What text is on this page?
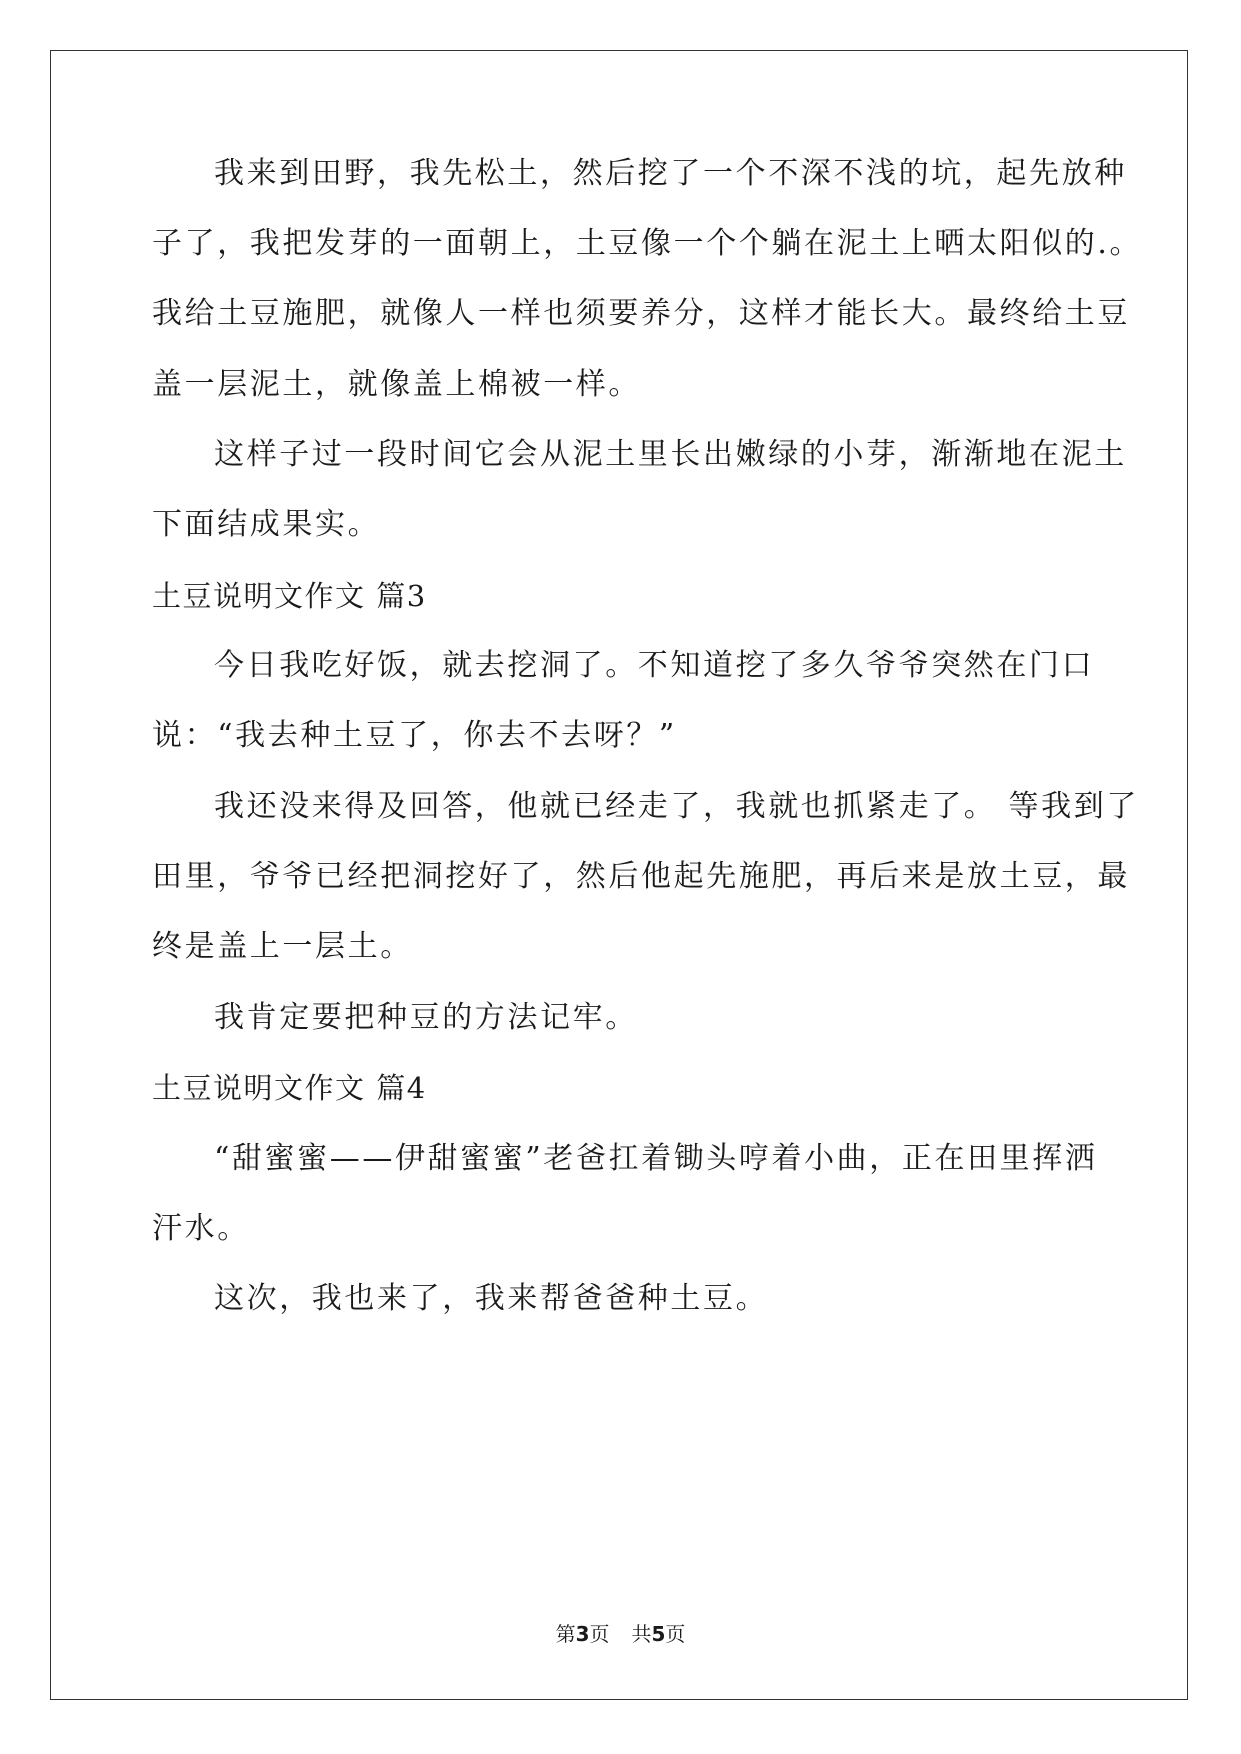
我来到田野，我先松土，然后挖了一个不深不浅的坑，起先放种
子了，我把发芽的一面朝上，土豆像一个个躺在泥土上晒太阳似的.。
我给土豆施肥，就像人一样也须要养分，这样才能长大。最终给土豆
盖一层泥土，就像盖上棉被一样。
这样子过一段时间它会从泥土里长出嫩绿的小芽，渐渐地在泥土
下面结成果实。
土豆说明文作文 篇3
今日我吃好饭，就去挖洞了。不知道挖了多久爷爷突然在门口
说：“我去种土豆了，你去不去呀？”
我还没来得及回答，他就已经走了，我就也抓紧走了。 等我到了
田里，爷爷已经把洞挖好了，然后他起先施肥，再后来是放土豆，最
终是盖上一层土。
我肯定要把种豆的方法记牢。
土豆说明文作文 篇4
“甜蜜蜜——伊甜蜜蜜”老爸扛着锄头哼着小曲，正在田里挥洒
汗水。
这次，我也来了，我来帮爸爸种土豆。
第3页 共5页
